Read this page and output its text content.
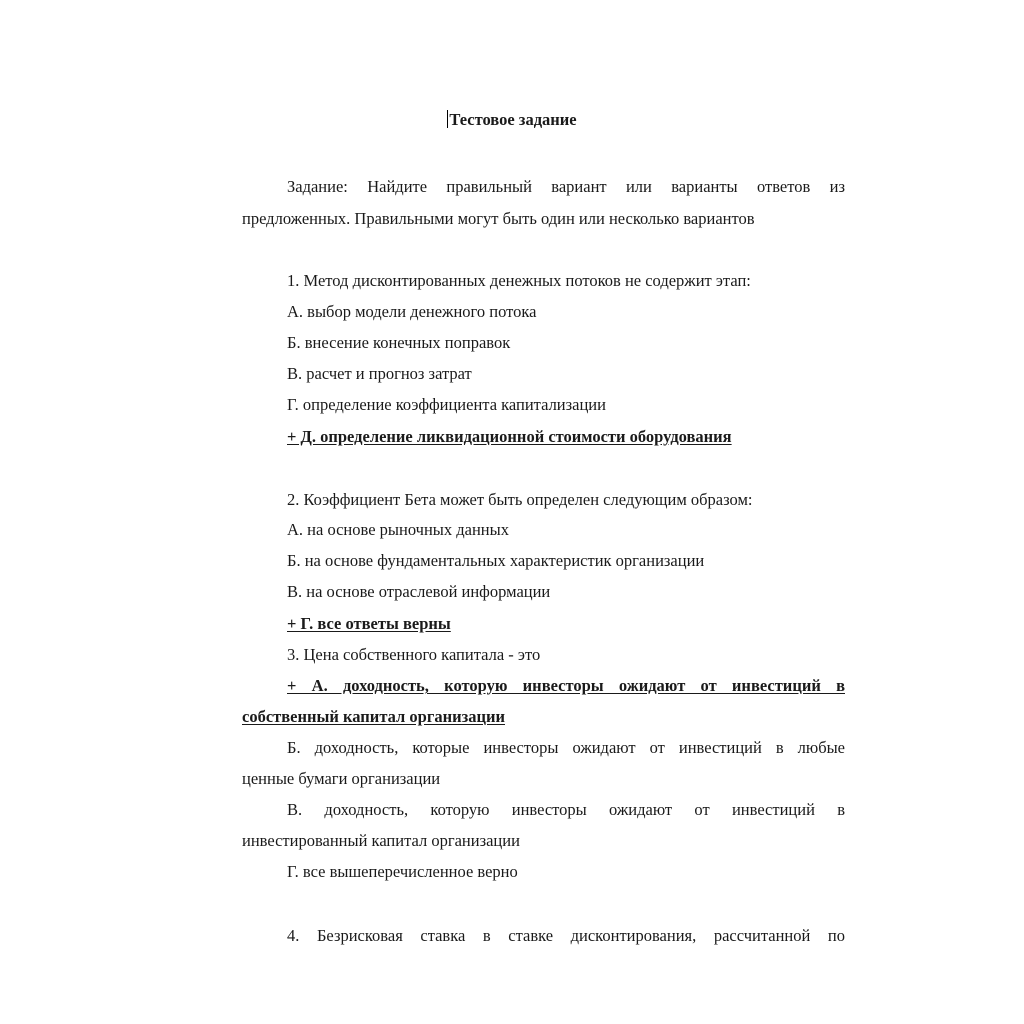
Тестовое задание
Задание: Найдите правильный вариант или варианты ответов из
предложенных. Правильными могут быть один или несколько вариантов
1. Метод дисконтированных денежных потоков не содержит этап:
А. выбор модели денежного потока
Б. внесение конечных поправок
В. расчет и прогноз затрат
Г. определение коэффициента капитализации
+ Д. определение ликвидационной стоимости оборудования
2. Коэффициент Бета может быть определен следующим образом:
А. на основе рыночных данных
Б. на основе фундаментальных характеристик организации
В. на основе отраслевой информации
+ Г. все ответы верны
3. Цена собственного капитала - это
+ А. доходность, которую инвесторы ожидают от инвестиций в
собственный капитал организации
Б. доходность, которые инвесторы ожидают от инвестиций в любые
ценные бумаги организации
В. доходность, которую инвесторы ожидают от инвестиций в
инвестированный капитал организации
Г. все вышеперечисленное верно
4. Безрисковая ставка в ставке дисконтирования, рассчитанной по
